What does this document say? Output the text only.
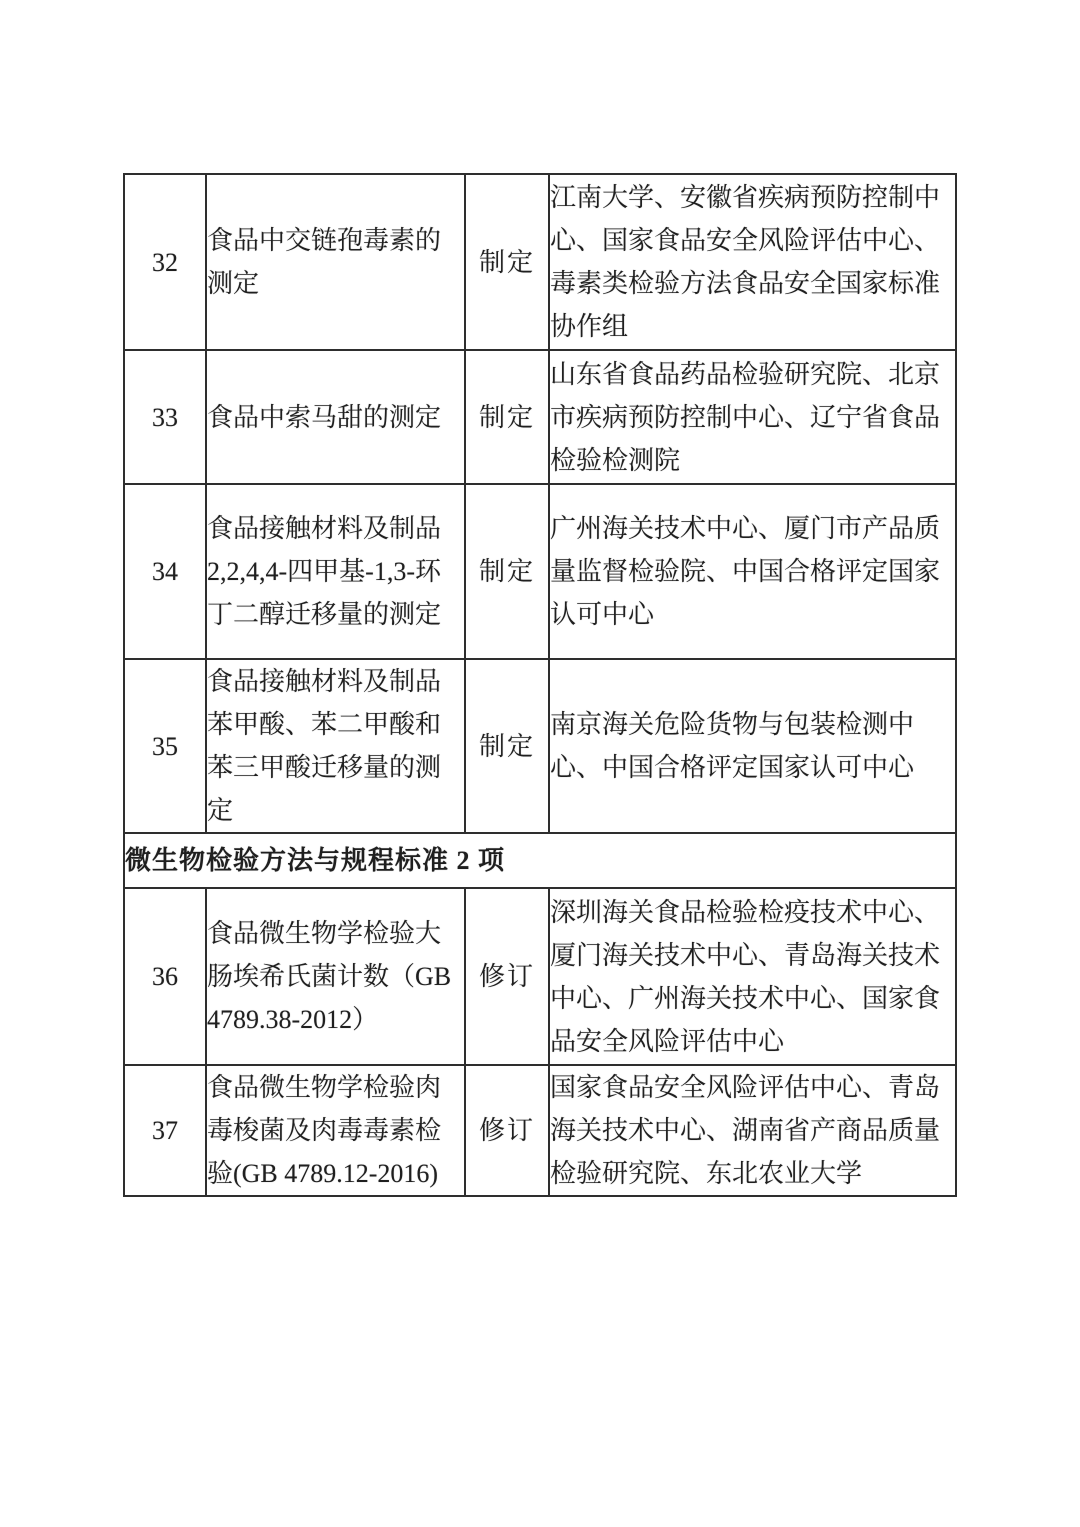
32	食品中交链孢毒素的测定	制定	江南大学、安徽省疾病预防控制中心、国家食品安全风险评估中心、毒素类检验方法食品安全国家标准协作组
33	食品中索马甜的测定	制定	山东省食品药品检验研究院、北京市疾病预防控制中心、辽宁省食品检验检测院
34	食品接触材料及制品2,2,4,4-四甲基-1,3-环丁二醇迁移量的测定	制定	广州海关技术中心、厦门市产品质量监督检验院、中国合格评定国家认可中心
35	食品接触材料及制品苯甲酸、苯二甲酸和苯三甲酸迁移量的测定	制定	南京海关危险货物与包装检测中心、中国合格评定国家认可中心
微生物检验方法与规程标准 2 项			
36	食品微生物学检验大肠埃希氏菌计数（GB 4789.38-2012）	修订	深圳海关食品检验检疫技术中心、厦门海关技术中心、青岛海关技术中心、广州海关技术中心、国家食品安全风险评估中心
37	食品微生物学检验肉毒梭菌及肉毒毒素检验(GB 4789.12-2016)	修订	国家食品安全风险评估中心、青岛海关技术中心、湖南省产商品质量检验研究院、东北农业大学
